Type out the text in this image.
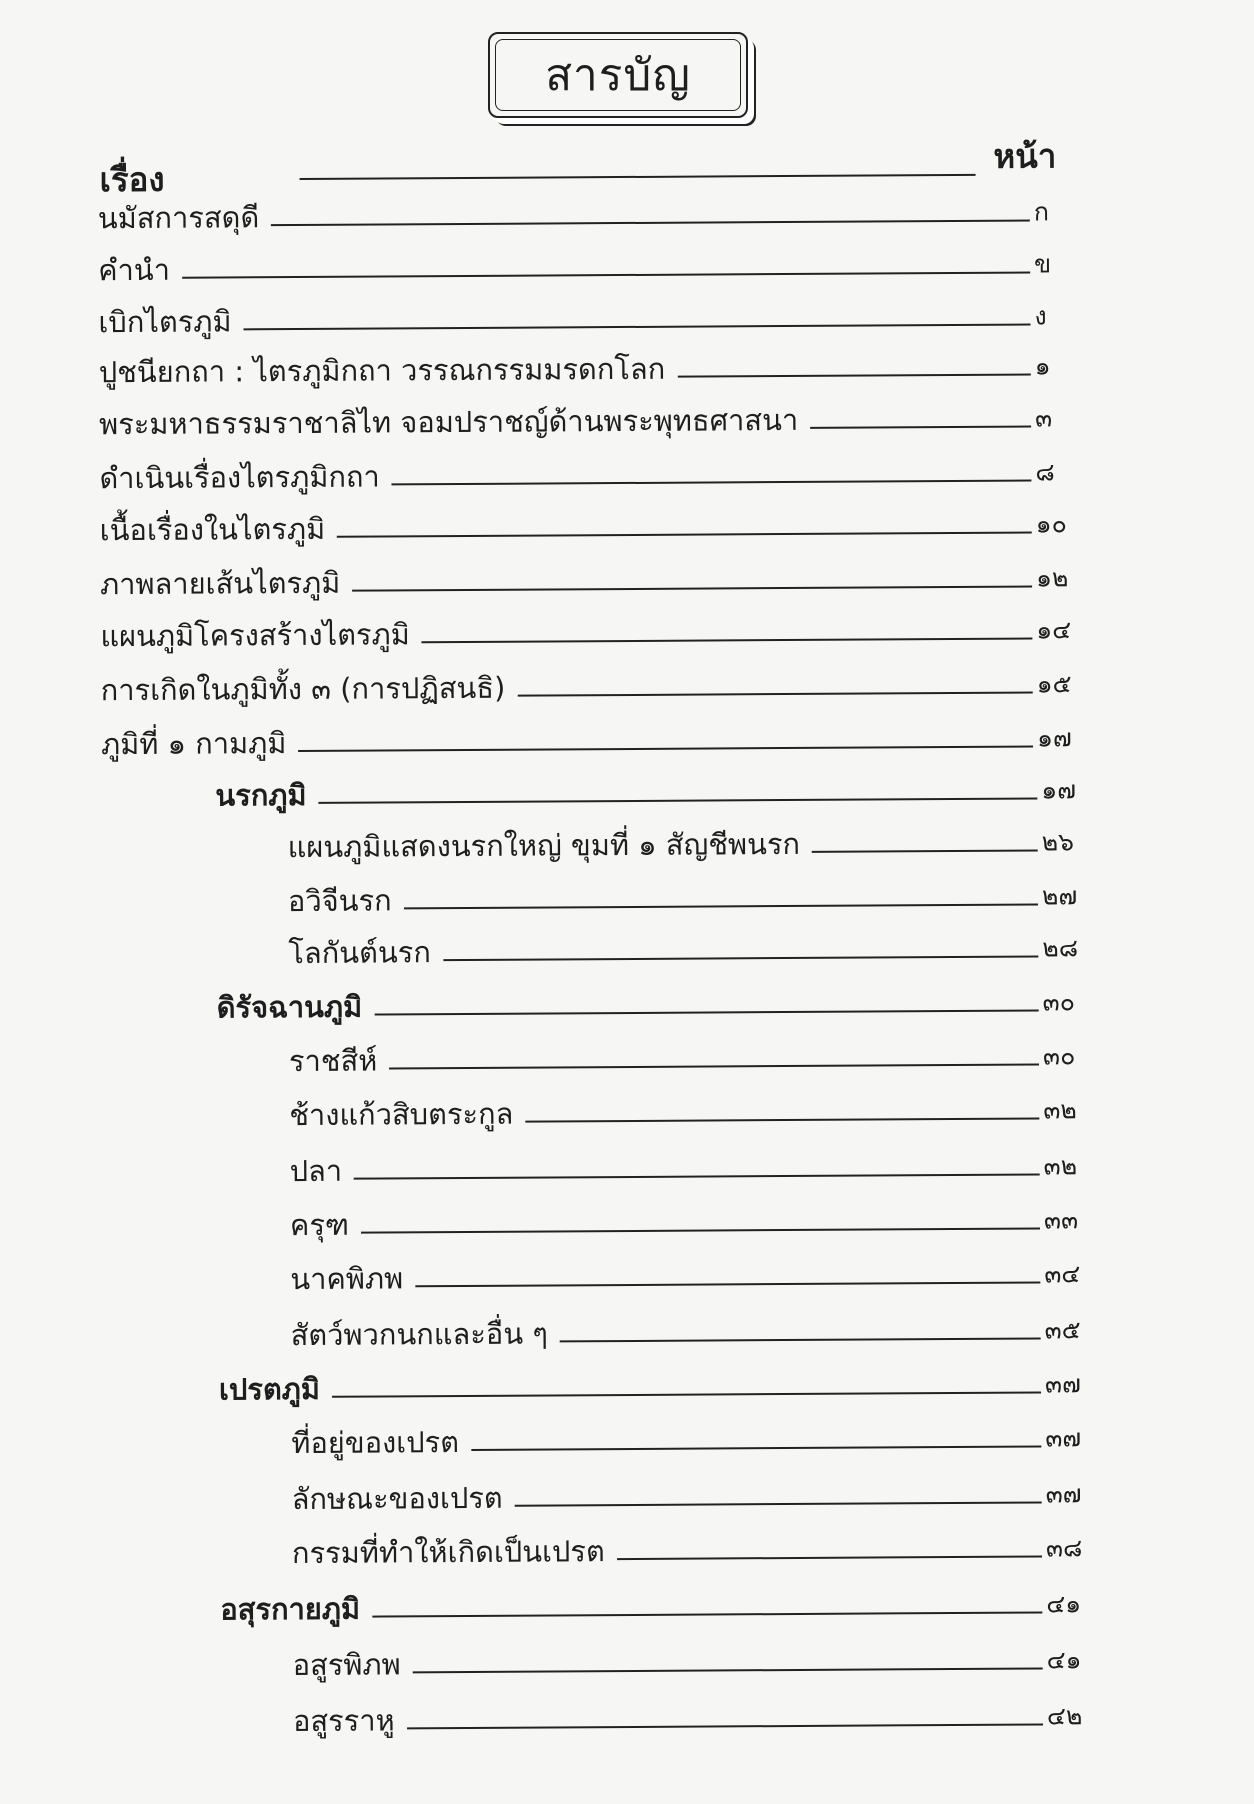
สารบัญ
เรื่อง
หน้า
นมัสการสดุดี	ก
คำนำ	ข
เบิกไตรภูมิ	ง
ปูชนียกถา : ไตรภูมิกถา วรรณกรรมมรดกโลก	๑
พระมหาธรรมราชาลิไท จอมปราชญ์ด้านพระพุทธศาสนา	๓
ดำเนินเรื่องไตรภูมิกถา	๘
เนื้อเรื่องในไตรภูมิ	๑๐
ภาพลายเส้นไตรภูมิ	๑๒
แผนภูมิโครงสร้างไตรภูมิ	๑๔
การเกิดในภูมิทั้ง ๓ (การปฏิสนธิ)	๑๕
ภูมิที่ ๑ กามภูมิ	๑๗
นรกภูมิ	๑๗
แผนภูมิแสดงนรกใหญ่ ขุมที่ ๑ สัญชีพนรก	๒๖
อวิจีนรก	๒๗
โลกันต์นรก	๒๘
ดิรัจฉานภูมิ	๓๐
ราชสีห์	๓๐
ช้างแก้วสิบตระกูล	๓๒
ปลา	๓๒
ครุฑ	๓๓
นาคพิภพ	๓๔
สัตว์พวกนกและอื่น ๆ	๓๕
เปรตภูมิ	๓๗
ที่อยู่ของเปรต	๓๗
ลักษณะของเปรต	๓๗
กรรมที่ทำให้เกิดเป็นเปรต	๓๘
อสุรกายภูมิ	๔๑
อสูรพิภพ	๔๑
อสูรราหู	๔๒
